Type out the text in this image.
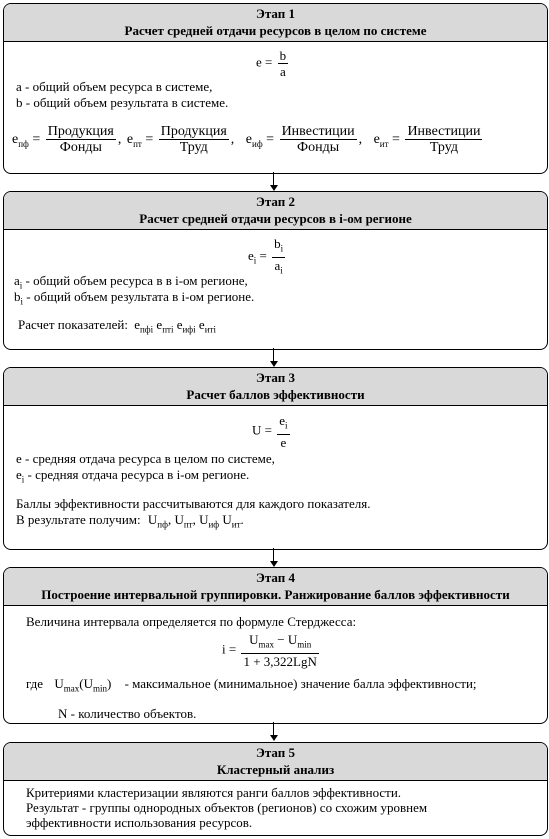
Этап 1
Расчет средней отдачи ресурсов в целом по системе
$e = \frac{b}{a}$
a - общий объем ресурса в системе,
b - общий объем результата в системе.
$e_{пф} = \frac{\text{Продукция}}{\text{Фонды}}$ , $e_{пт} = \frac{\text{Продукция}}{\text{Труд}}$ , $e_{иф} = \frac{\text{Инвестиции}}{\text{Фонды}}$ , $e_{ит} = \frac{\text{Инвестиции}}{\text{Труд}}$
Этап 2
Расчет средней отдачи ресурсов в i-ом регионе
$e_i = \frac{b_i}{a_i}$
$a_i$ - общий объем ресурса в в i-ом регионе,
$b_i$ - общий объем результата в i-ом регионе.
Расчет показателей: $e_{пфi}$ $e_{птi}$ $e_{ифi}$ $e_{итi}$
Этап 3
Расчет баллов эффективности
$U = \frac{e_i}{e}$
e - средняя отдача ресурса в целом по системе,
$e_i$ - средняя отдача ресурса в i-ом регионе.
Баллы эффективности рассчитываются для каждого показателя.
В результате получим: $U_{пф}$, $U_{пт}$, $U_{иф}$ $U_{ит}$.
Этап 4
Построение интервальной группировки. Ранжирование баллов эффективности
Величина интервала определяется по формуле Стерджесса:
$i = \frac{U_{max} - U_{min}}{\text{1 + 3,322LgN}}$
где $U_{max}(U_{min})$ - максимальное (минимальное) значение балла эффективности;
N - количество объектов.
Этап 5
Кластерный анализ
Критериями кластеризации являются ранги баллов эффективности.
Результат - группы однородных объектов (регионов) со схожим уровнем
эффективности использования ресурсов.
